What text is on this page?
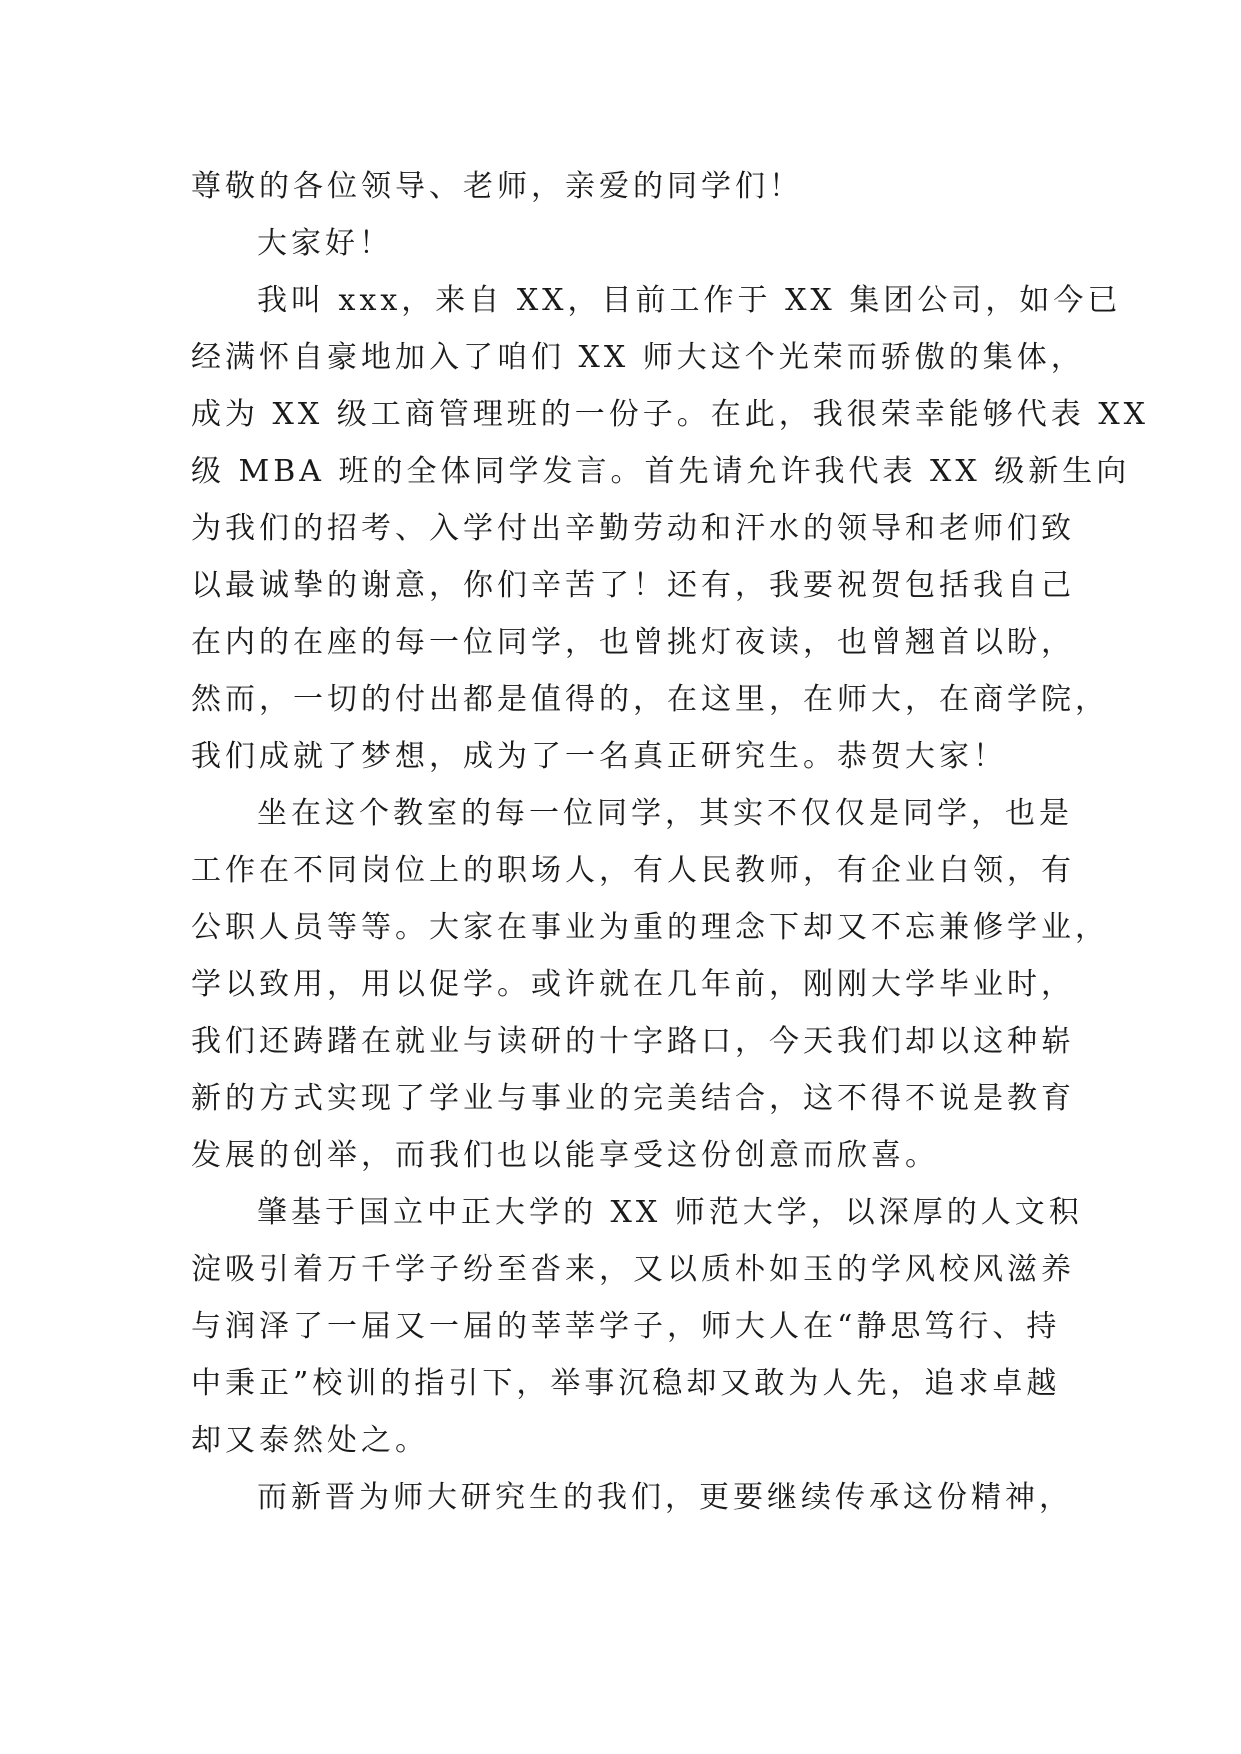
尊敬的各位领导、老师，亲爱的同学们！
大家好！
我叫 xxx，来自 XX，目前工作于 XX 集团公司，如今已
经满怀自豪地加入了咱们 XX 师大这个光荣而骄傲的集体，
成为 XX 级工商管理班的一份子。在此，我很荣幸能够代表 XX
级 MBA 班的全体同学发言。首先请允许我代表 XX 级新生向
为我们的招考、入学付出辛勤劳动和汗水的领导和老师们致
以最诚挚的谢意，你们辛苦了！还有，我要祝贺包括我自己
在内的在座的每一位同学，也曾挑灯夜读，也曾翘首以盼，
然而，一切的付出都是值得的，在这里，在师大，在商学院，
我们成就了梦想，成为了一名真正研究生。恭贺大家！
坐在这个教室的每一位同学，其实不仅仅是同学，也是
工作在不同岗位上的职场人，有人民教师，有企业白领，有
公职人员等等。大家在事业为重的理念下却又不忘兼修学业，
学以致用，用以促学。或许就在几年前，刚刚大学毕业时，
我们还踌躇在就业与读研的十字路口，今天我们却以这种崭
新的方式实现了学业与事业的完美结合，这不得不说是教育
发展的创举，而我们也以能享受这份创意而欣喜。
肇基于国立中正大学的 XX 师范大学，以深厚的人文积
淀吸引着万千学子纷至沓来，又以质朴如玉的学风校风滋养
与润泽了一届又一届的莘莘学子，师大人在“静思笃行、持
中秉正”校训的指引下，举事沉稳却又敢为人先，追求卓越
却又泰然处之。
而新晋为师大研究生的我们，更要继续传承这份精神，
